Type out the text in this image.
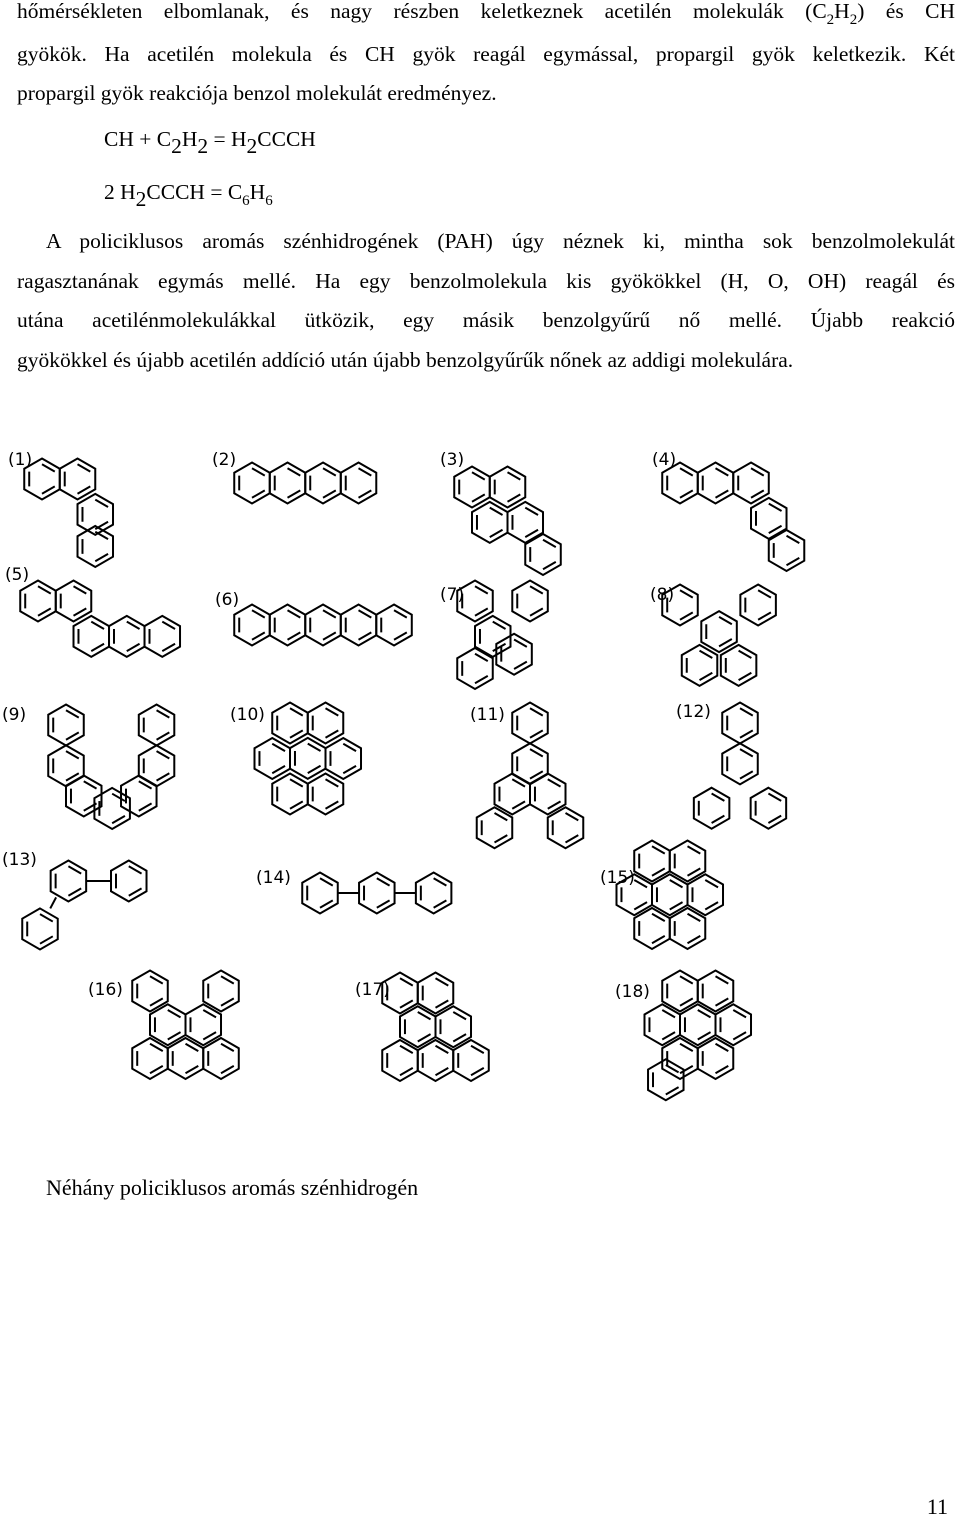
hőmérsékleten elbomlanak, és nagy részben keletkeznek acetilén molekulák $(C_2H_2)$ és CH
gyökök. Ha acetilén molekula és CH gyök reagál egymással, propargil gyök keletkezik. Két
propargil gyök reakciója benzol molekulát eredményez.
CH + C2H2 = H2CCCH
2 H2CCCH = $C_6H_6$
A policiklusos aromás szénhidrogének (PAH) úgy néznek ki, mintha sok benzolmolekulát
ragasztanának egymás mellé. Ha egy benzolmolekula kis gyökökkel (H, O, OH) reagál és
utána acetilénmolekulákkal ütközik, egy másik benzolgyűrű nő mellé. Újabb reakció
gyökökkel és újabb acetilén addíció után újabb benzolgyűrűk nőnek az addigi molekulára.
(1)	(2)	(3)	(4)
(5)
(6)	(7)	(8)
(9)	(10)	(11)	(12)
(13)
(14)	(15)
(16)	(17)	(18)
Néhány policiklusos aromás szénhidrogén
11
